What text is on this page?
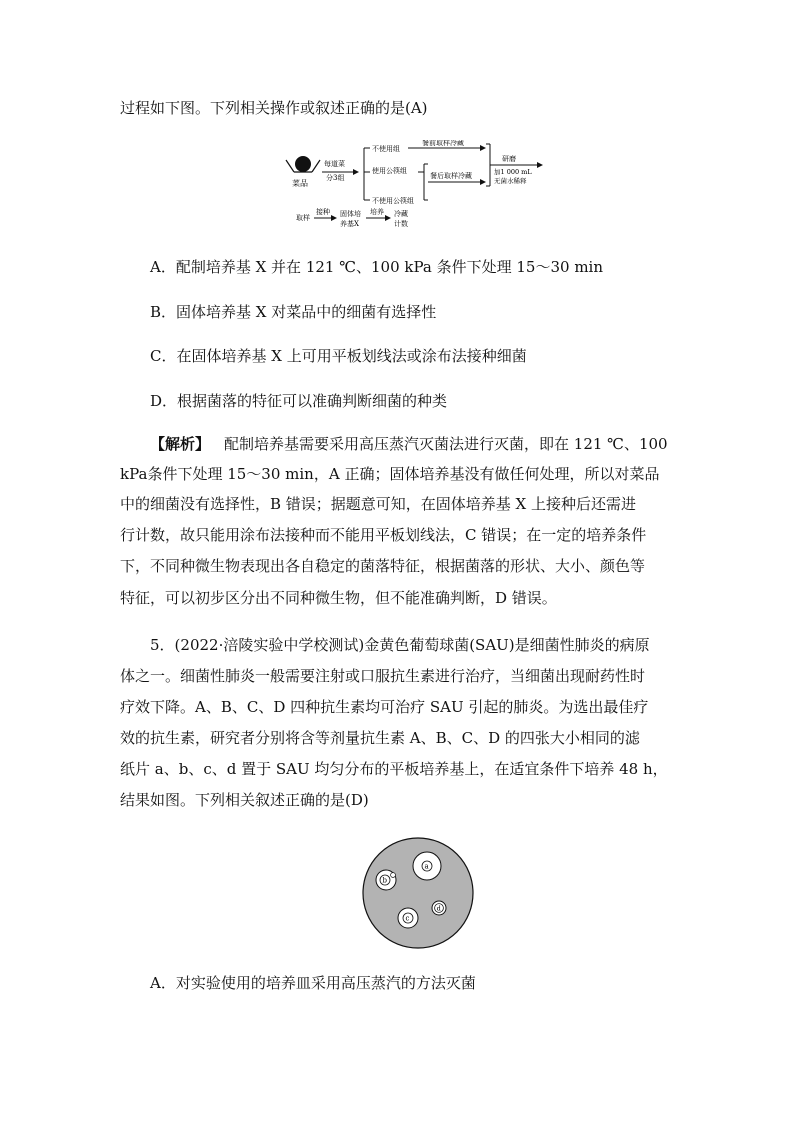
过程如下图。下列相关操作或叙述正确的是(A)
菜品
每道菜
分3组
不使用组
使用公筷组
不使用公筷组
餐前取样冷藏
餐后取样冷藏
研磨
加1 000 mL
无菌水稀释
取样
接种 固体培
养基X
培养 冷藏
计数
A．配制培养基 X 并在 121 ℃、100 kPa 条件下处理 15～30 min
B．固体培养基 X 对菜品中的细菌有选择性
C．在固体培养基 X 上可用平板划线法或涂布法接种细菌
D．根据菌落的特征可以准确判断细菌的种类
【解析】 配制培养基需要采用高压蒸汽灭菌法进行灭菌，即在 121 ℃、100
kPa条件下处理 15～30 min，A 正确；固体培养基没有做任何处理，所以对菜品
中的细菌没有选择性，B 错误；据题意可知，在固体培养基 X 上接种后还需进
行计数，故只能用涂布法接种而不能用平板划线法，C 错误；在一定的培养条件
下，不同种微生物表现出各自稳定的菌落特征，根据菌落的形状、大小、颜色等
特征，可以初步区分出不同种微生物，但不能准确判断，D 错误。
5．(2022·涪陵实验中学校测试)金黄色葡萄球菌(SAU)是细菌性肺炎的病原
体之一。细菌性肺炎一般需要注射或口服抗生素进行治疗，当细菌出现耐药性时
疗效下降。A、B、C、D 四种抗生素均可治疗 SAU 引起的肺炎。为选出最佳疗
效的抗生素，研究者分别将含等剂量抗生素 A、B、C、D 的四张大小相同的滤
纸片 a、b、c、d 置于 SAU 均匀分布的平板培养基上，在适宜条件下培养 48 h，
结果如图。下列相关叙述正确的是(D)
a
b
c
d
A．对实验使用的培养皿采用高压蒸汽的方法灭菌
